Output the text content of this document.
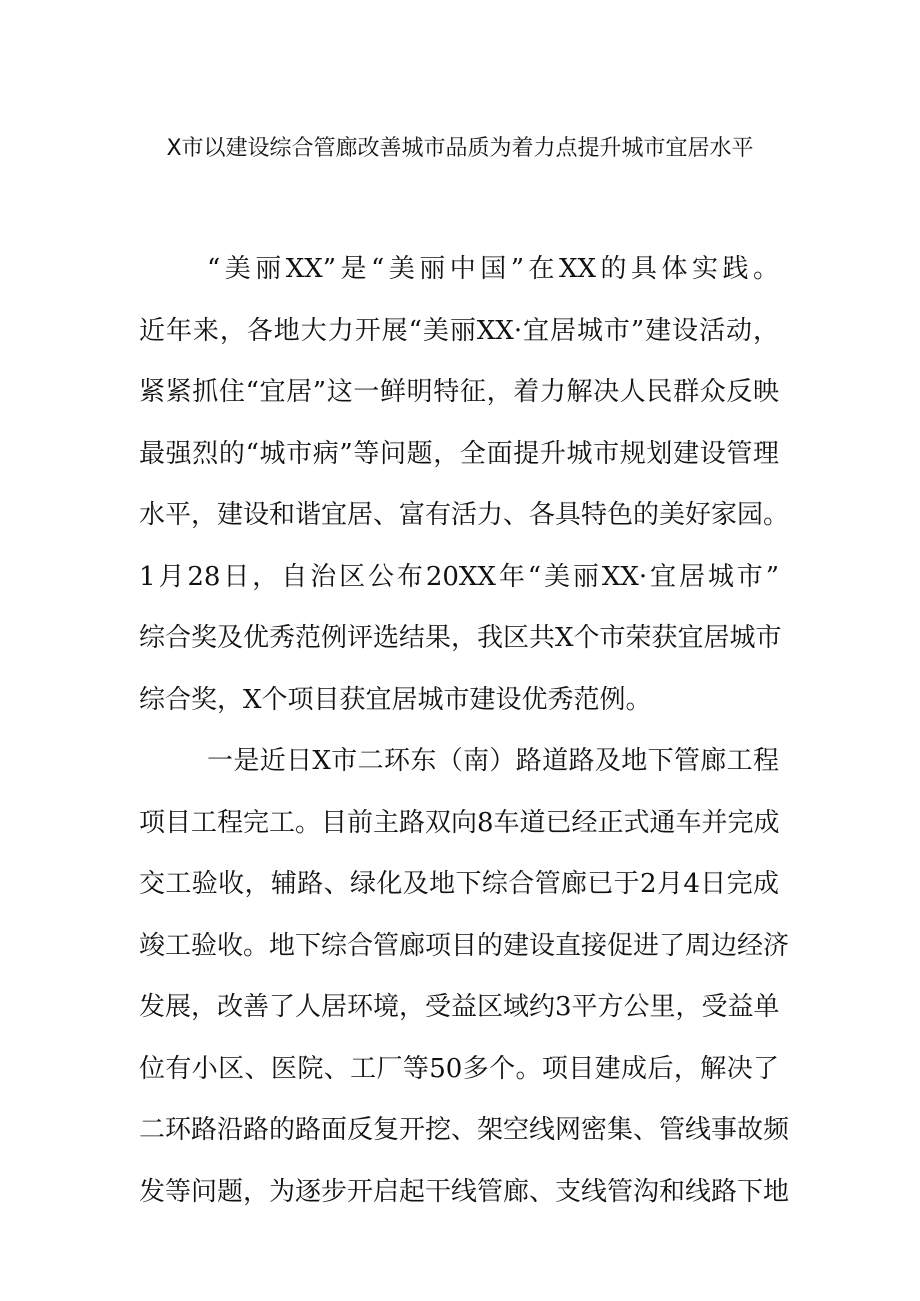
X市以建设综合管廊改善城市品质为着力点提升城市宜居水平
“美丽XX”是“美丽中国”在XX的具体实践。
近年来，各地大力开展“美丽XX·宜居城市”建设活动，
紧紧抓住“宜居”这一鲜明特征，着力解决人民群众反映
最强烈的“城市病”等问题，全面提升城市规划建设管理
水平，建设和谐宜居、富有活力、各具特色的美好家园。
1月28日，自治区公布20XX年“美丽XX·宜居城市”
综合奖及优秀范例评选结果，我区共X个市荣获宜居城市
综合奖，X个项目获宜居城市建设优秀范例。
一是近日X市二环东（南）路道路及地下管廊工程
项目工程完工。目前主路双向8车道已经正式通车并完成
交工验收，辅路、绿化及地下综合管廊已于2月4日完成
竣工验收。地下综合管廊项目的建设直接促进了周边经济
发展，改善了人居环境，受益区域约3平方公里，受益单
位有小区、医院、工厂等50多个。项目建成后，解决了
二环路沿路的路面反复开挖、架空线网密集、管线事故频
发等问题，为逐步开启起干线管廊、支线管沟和线路下地
